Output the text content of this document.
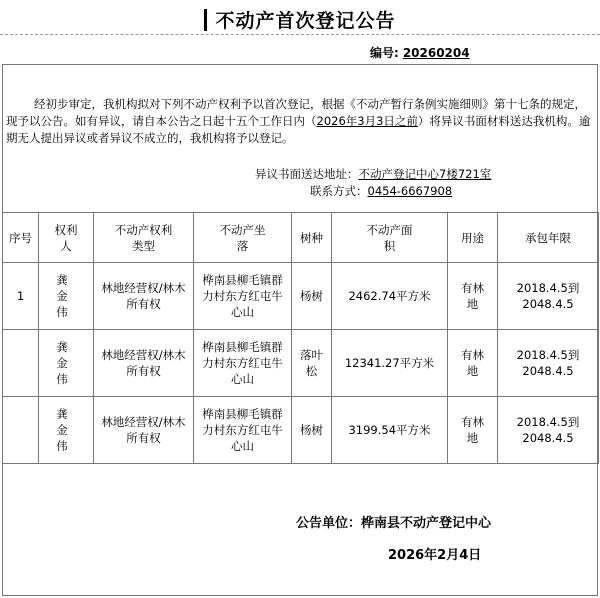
不动产首次登记公告
编号: 20260204
经初步审定，我机构拟对下列不动产权利予以首次登记，根据《不动产暂行条例实施细则》第十七条的规定，现予以公告。如有异议，请自本公告之日起十五个工作日内（2026年3月3日之前）将异议书面材料送达我机构。逾期无人提出异议或者异议不成立的，我机构将予以登记。
异议书面送达地址：不动产登记中心7楼721室
联系方式：0454-6667908
序号	权利人	不动产权利类型	不动产坐落	树种	不动产面积	用途	承包年限
1	龚金伟	林地经营权/林木所有权	桦南县柳毛镇群力村东方红屯牛心山	杨树	2462.74平方米	有林地	2018.4.5到2048.4.5
	龚金伟	林地经营权/林木所有权	桦南县柳毛镇群力村东方红屯牛心山	落叶松	12341.27平方米	有林地	2018.4.5到2048.4.5
	龚金伟	林地经营权/林木所有权	桦南县柳毛镇群力村东方红屯牛心山	杨树	3199.54平方米	有林地	2018.4.5到2048.4.5
公告单位：桦南县不动产登记中心
2026年2月4日
